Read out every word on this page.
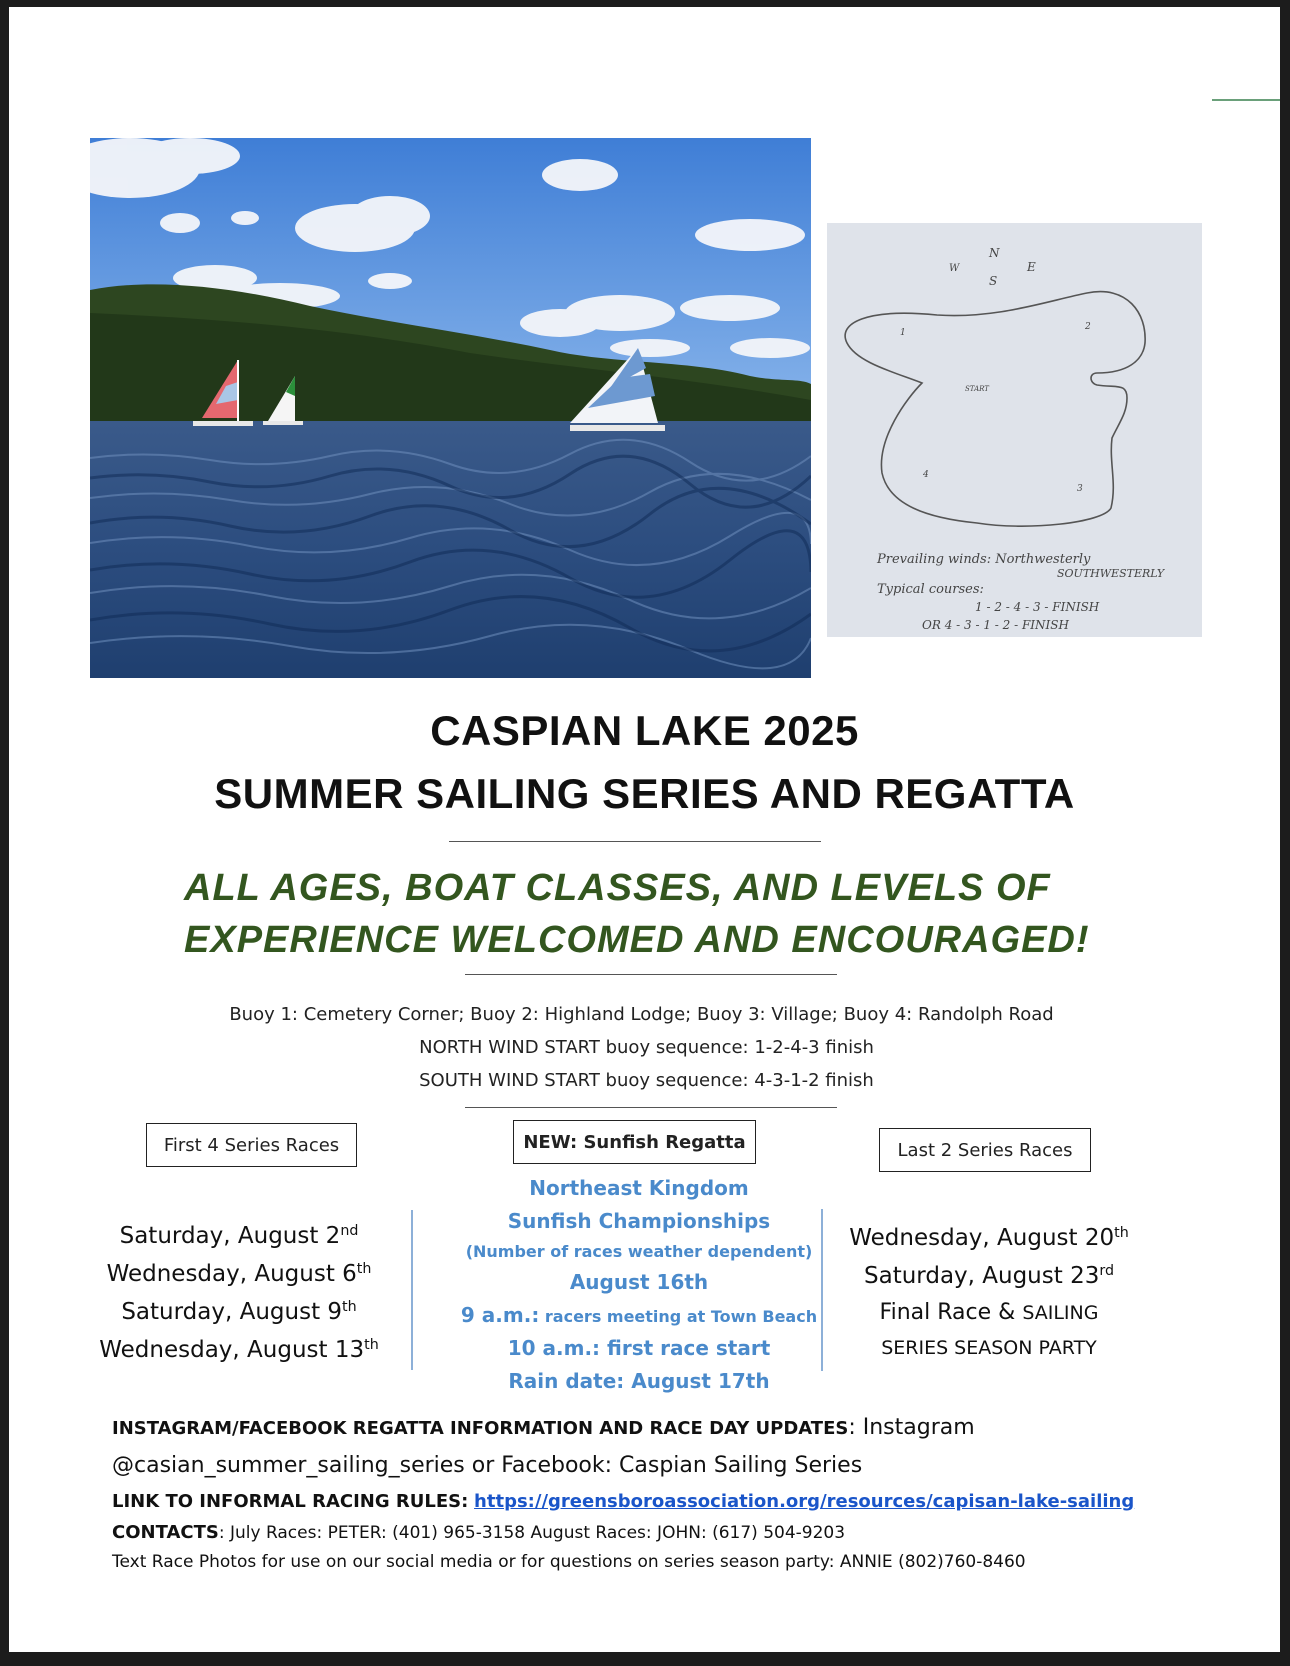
N
W
S
E
1
2
3
4
START
Prevailing winds: Northwesterly
SOUTHWESTERLY
Typical courses:
1 - 2 - 4 - 3 - FINISH
OR 4 - 3 - 1 - 2 - FINISH
CASPIAN LAKE 2025
SUMMER SAILING SERIES AND REGATTA
ALL AGES, BOAT CLASSES, AND LEVELS OF
EXPERIENCE WELCOMED AND ENCOURAGED!
Buoy 1: Cemetery Corner; Buoy 2: Highland Lodge; Buoy 3: Village; Buoy 4: Randolph Road
NORTH WIND START buoy sequence: 1-2-4-3 finish
SOUTH WIND START buoy sequence: 4-3-1-2 finish
First 4 Series Races	NEW: Sunfish Regatta	Last 2 Series Races
Saturday, August 2nd
Wednesday, August 6th
Saturday, August 9th
Wednesday, August 13th
Northeast Kingdom
Sunfish Championships
(Number of races weather dependent)
August 16th
9 a.m.: racers meeting at Town Beach
10 a.m.: first race start
Rain date: August 17th
Wednesday, August 20th
Saturday, August 23rd
Final Race & SAILING
SERIES SEASON PARTY
INSTAGRAM/FACEBOOK REGATTA INFORMATION AND RACE DAY UPDATES: Instagram
@casian_summer_sailing_series or Facebook: Caspian Sailing Series
LINK TO INFORMAL RACING RULES: https://greensboroassociation.org/resources/capisan-lake-sailing
CONTACTS: July Races: PETER: (401) 965-3158 August Races: JOHN: (617) 504-9203
Text Race Photos for use on our social media or for questions on series season party: ANNIE (802)760-8460
